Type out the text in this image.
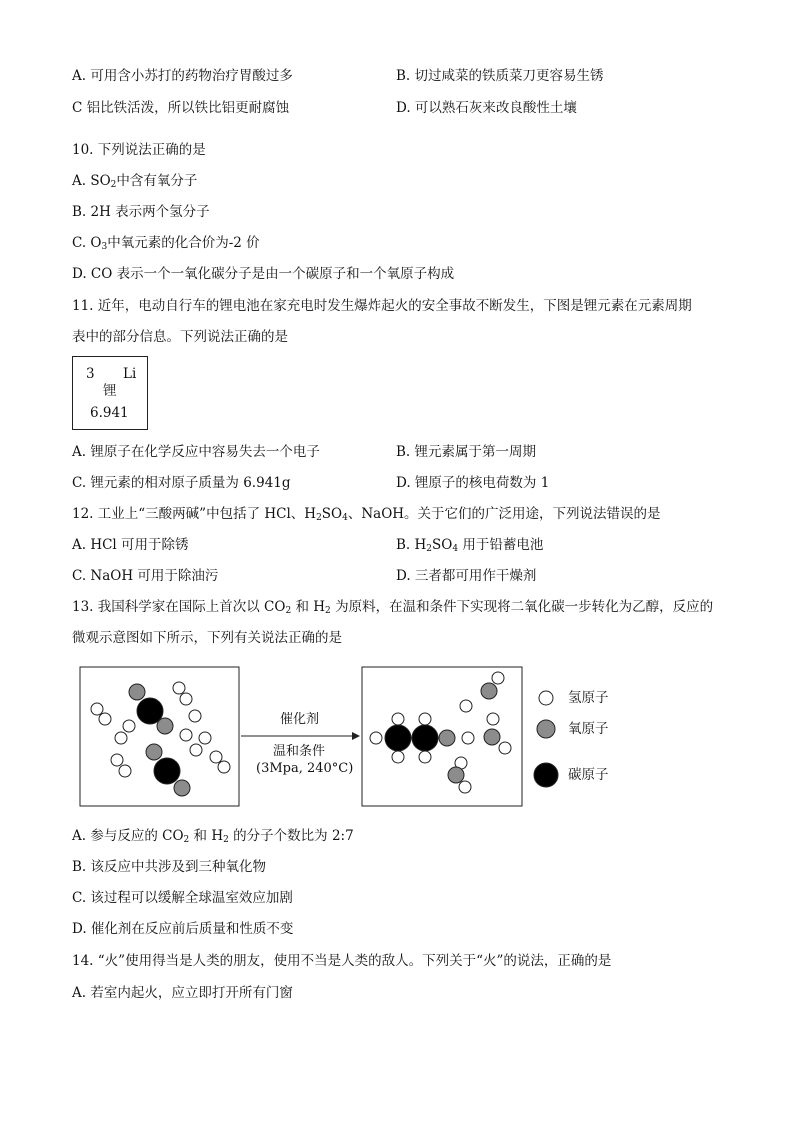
A. 可用含小苏打的药物治疗胃酸过多	B. 切过咸菜的铁质菜刀更容易生锈
C 铝比铁活泼，所以铁比铝更耐腐蚀	D. 可以熟石灰来改良酸性土壤
10. 下列说法正确的是
A. $SO_2$中含有氧分子
B. 2H 表示两个氢分子
C. $O_3$中氧元素的化合价为-2 价
D. CO 表示一个一氧化碳分子是由一个碳原子和一个氧原子构成
11. 近年，电动自行车的锂电池在家充电时发生爆炸起火的安全事故不断发生，下图是锂元素在元素周期
表中的部分信息。下列说法正确的是
3 Li
锂
6.941
A. 锂原子在化学反应中容易失去一个电子	B. 锂元素属于第一周期
C. 锂元素的相对原子质量为 6.941g	D. 锂原子的核电荷数为 1
12. 工业上“三酸两碱”中包括了 HCl、$H_2SO_4$、NaOH。关于它们的广泛用途，下列说法错误的是
A. HCl 可用于除锈	B. $H_2SO_4$ 用于铅蓄电池
C. NaOH 可用于除油污	D. 三者都可用作干燥剂
13. 我国科学家在国际上首次以 $CO_2$ 和 $H_2$ 为原料，在温和条件下实现将二氧化碳一步转化为乙醇，反应的
微观示意图如下所示，下列有关说法正确的是
催化剂
温和条件
(3Mpa, 240°C)
氢原子
氧原子
碳原子
A. 参与反应的 $CO_2$ 和 $H_2$ 的分子个数比为 2:7
B. 该反应中共涉及到三种氧化物
C. 该过程可以缓解全球温室效应加剧
D. 催化剂在反应前后质量和性质不变
14. “火”使用得当是人类的朋友，使用不当是人类的敌人。下列关于“火”的说法，正确的是
A. 若室内起火，应立即打开所有门窗
